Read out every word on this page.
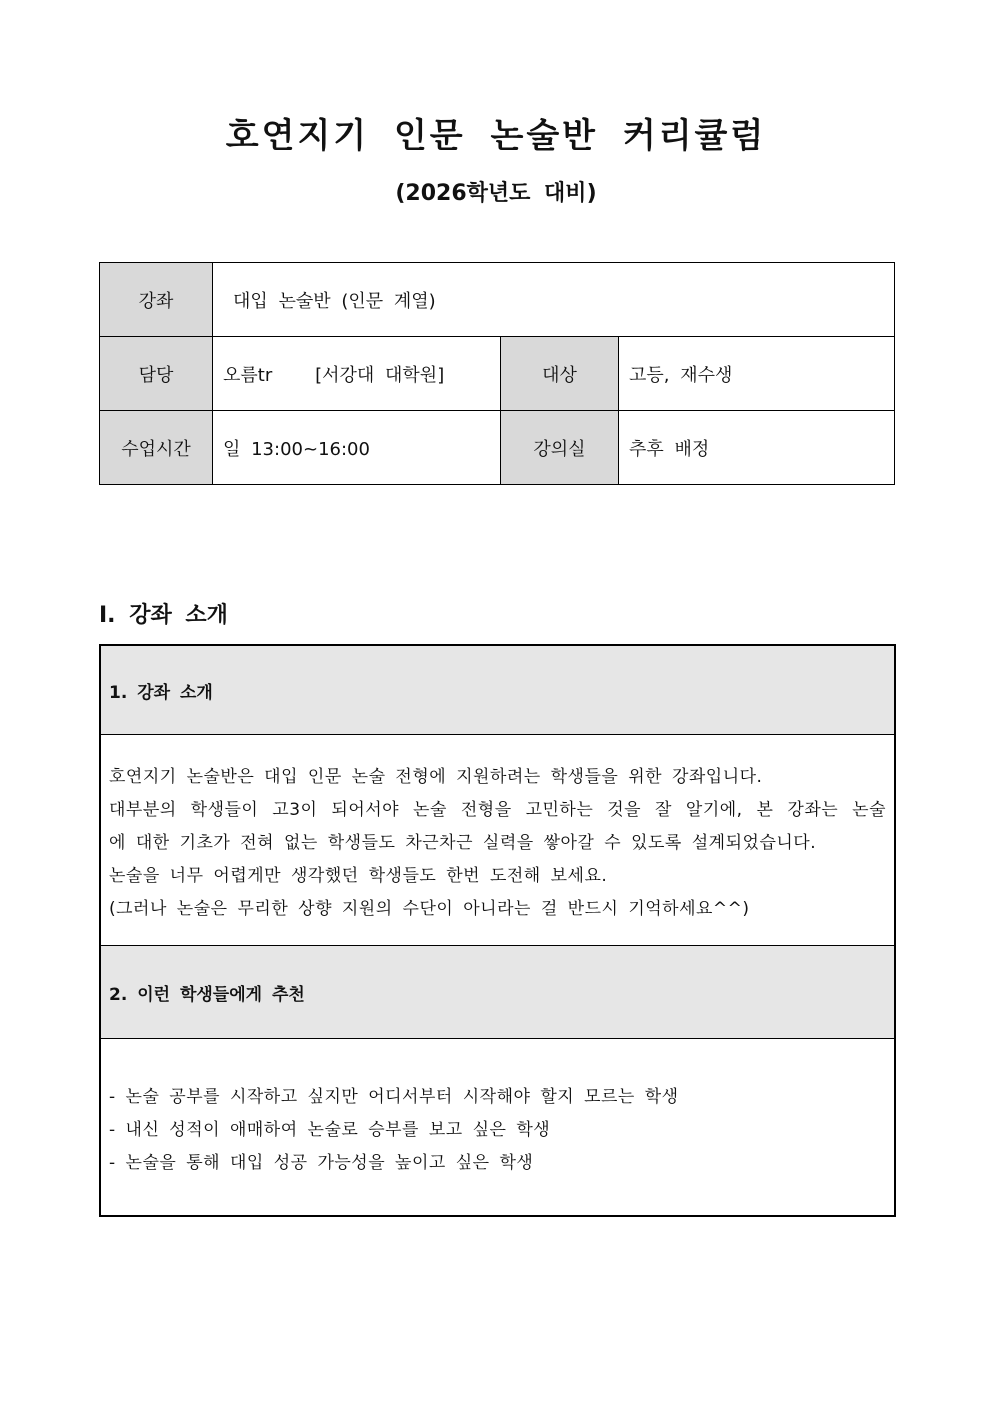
호연지기 인문 논술반 커리큘럼
(2026학년도 대비)
강좌	대입 논술반 (인문 계열)		
담당	오름tr    [서강대 대학원]	대상	고등, 재수생
수업시간	일 13:00~16:00	강의실	추후 배정
Ⅰ. 강좌 소개
1. 강좌 소개
호연지기 논술반은 대입 인문 논술 전형에 지원하려는 학생들을 위한 강좌입니다.
대부분의 학생들이 고3이 되어서야 논술 전형을 고민하는 것을 잘 알기에, 본 강좌는 논술
에 대한 기초가 전혀 없는 학생들도 차근차근 실력을 쌓아갈 수 있도록 설계되었습니다.
논술을 너무 어렵게만 생각했던 학생들도 한번 도전해 보세요.
(그러나 논술은 무리한 상향 지원의 수단이 아니라는 걸 반드시 기억하세요^^)
2. 이런 학생들에게 추천
- 논술 공부를 시작하고 싶지만 어디서부터 시작해야 할지 모르는 학생
- 내신 성적이 애매하여 논술로 승부를 보고 싶은 학생
- 논술을 통해 대입 성공 가능성을 높이고 싶은 학생
